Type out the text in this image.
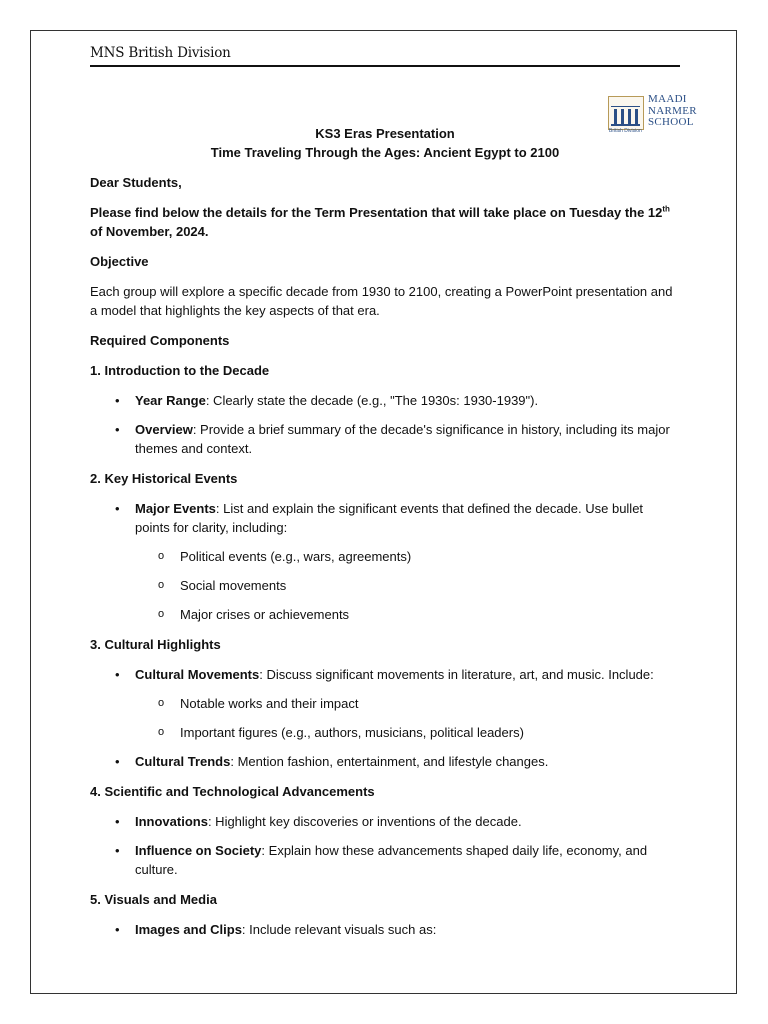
MNS British Division
British Division
MAADI
NARMER
SCHOOL
KS3 Eras Presentation
Time Traveling Through the Ages: Ancient Egypt to 2100
Dear Students,
Please find below the details for the Term Presentation that will take place on Tuesday the 12th of November, 2024.
Objective
Each group will explore a specific decade from 1930 to 2100, creating a PowerPoint presentation and a model that highlights the key aspects of that era.
Required Components
1. Introduction to the Decade
• Year Range: Clearly state the decade (e.g., "The 1930s: 1930-1939").
• Overview: Provide a brief summary of the decade's significance in history, including its major themes and context.
2. Key Historical Events
• Major Events: List and explain the significant events that defined the decade. Use bullet points for clarity, including:
o Political events (e.g., wars, agreements)
o Social movements
o Major crises or achievements
3. Cultural Highlights
• Cultural Movements: Discuss significant movements in literature, art, and music. Include:
o Notable works and their impact
o Important figures (e.g., authors, musicians, political leaders)
• Cultural Trends: Mention fashion, entertainment, and lifestyle changes.
4. Scientific and Technological Advancements
• Innovations: Highlight key discoveries or inventions of the decade.
• Influence on Society: Explain how these advancements shaped daily life, economy, and culture.
5. Visuals and Media
• Images and Clips: Include relevant visuals such as:
